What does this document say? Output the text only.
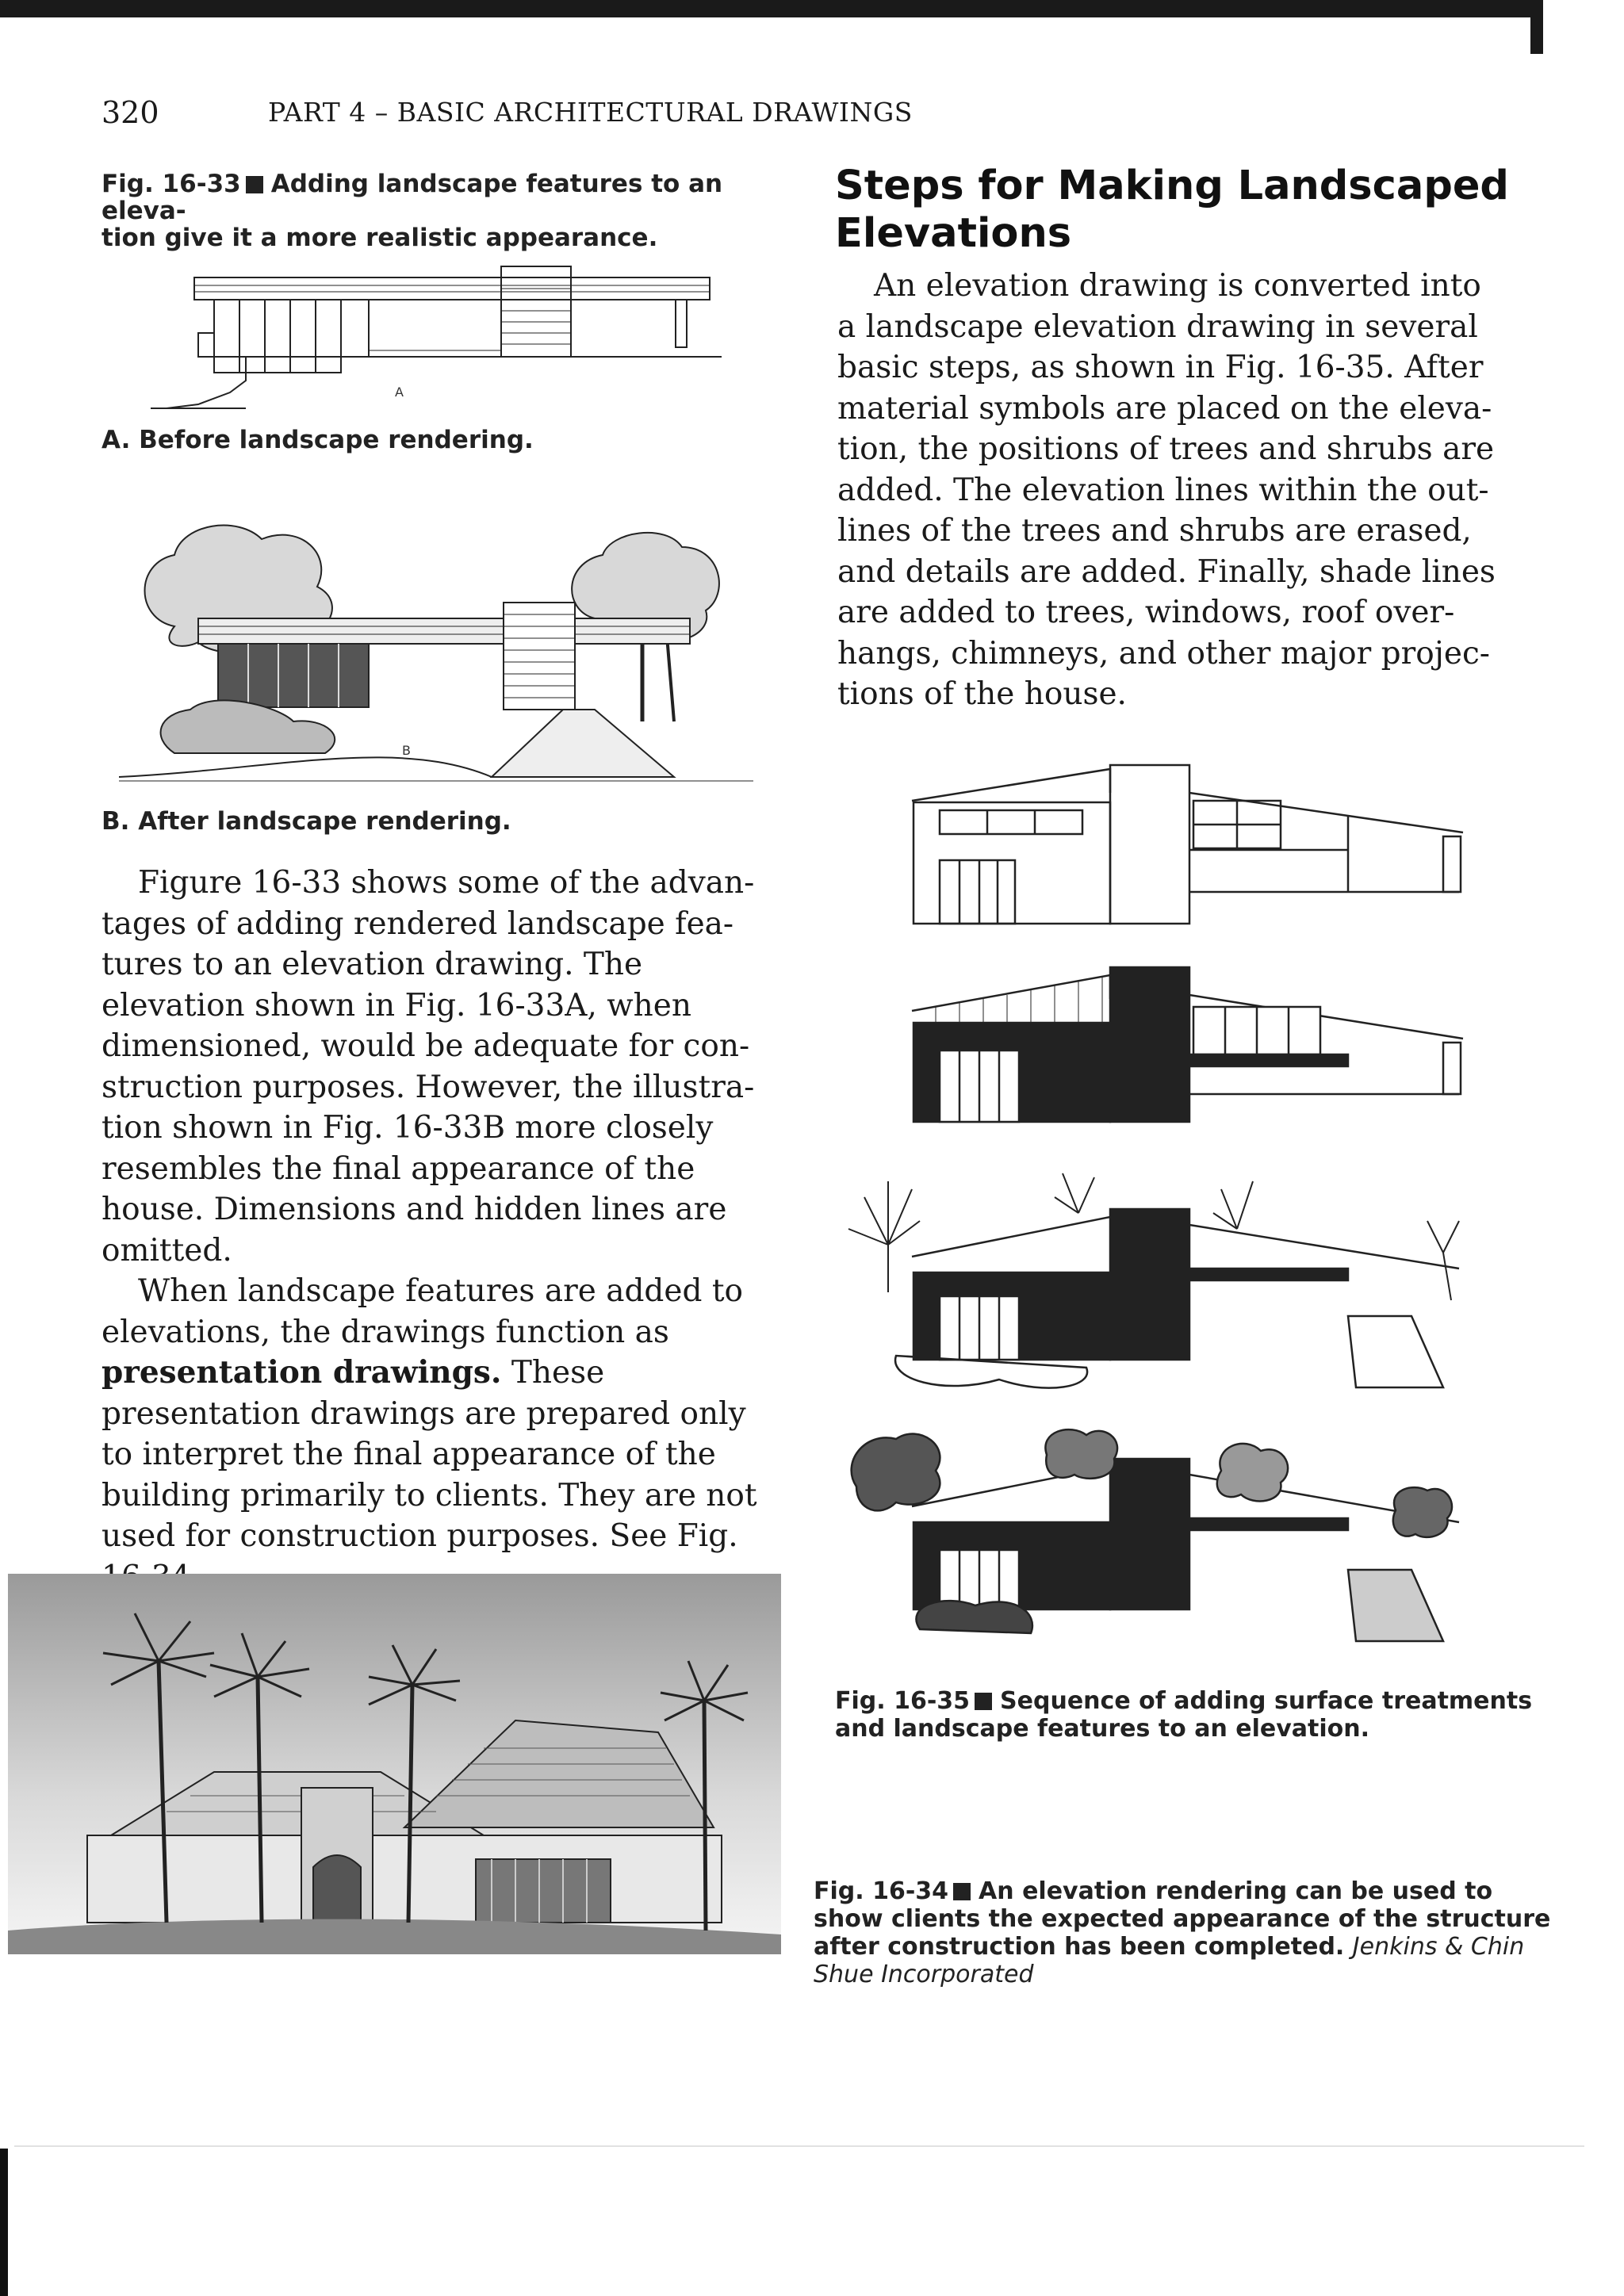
320	PART 4 – BASIC ARCHITECTURAL DRAWINGS
Fig. 16-33 Adding landscape features to an eleva-
tion give it a more realistic appearance.
A
A. Before landscape rendering.
B
B. After landscape rendering.

Figure 16-33 shows some of the advan-

tages of adding rendered landscape fea-

tures to an elevation drawing. The

elevation shown in Fig. 16-33A, when

dimensioned, would be adequate for con-

struction purposes. However, the illustra-

tion shown in Fig. 16-33B more closely

resembles the final appearance of the

house. Dimensions and hidden lines are

omitted.

When landscape features are added to elevations, the drawings function as presentation drawings. These presentation drawings are prepared only to interpret the final appearance of the building primarily to clients. They are not used for construction purposes. See Fig.

Steps for Making Landscaped
Elevations

An elevation drawing is converted into

a landscape elevation drawing in several

basic steps, as shown in Fig. 16-35. After

material symbols are placed on the eleva-

tion, the positions of trees and shrubs are

added. The elevation lines within the out-

lines of the trees and shrubs are erased,

and details are added. Finally, shade lines

are added to trees, windows, roof over-

hangs, chimneys, and other major projec-

tions of the house.

Fig. 16-35 Sequence of adding surface treatments
and landscape features to an elevation.
Fig. 16-34 An elevation rendering can be used to
show clients the expected appearance of the structure
after construction has been completed. Jenkins & Chin
Shue Incorporated
